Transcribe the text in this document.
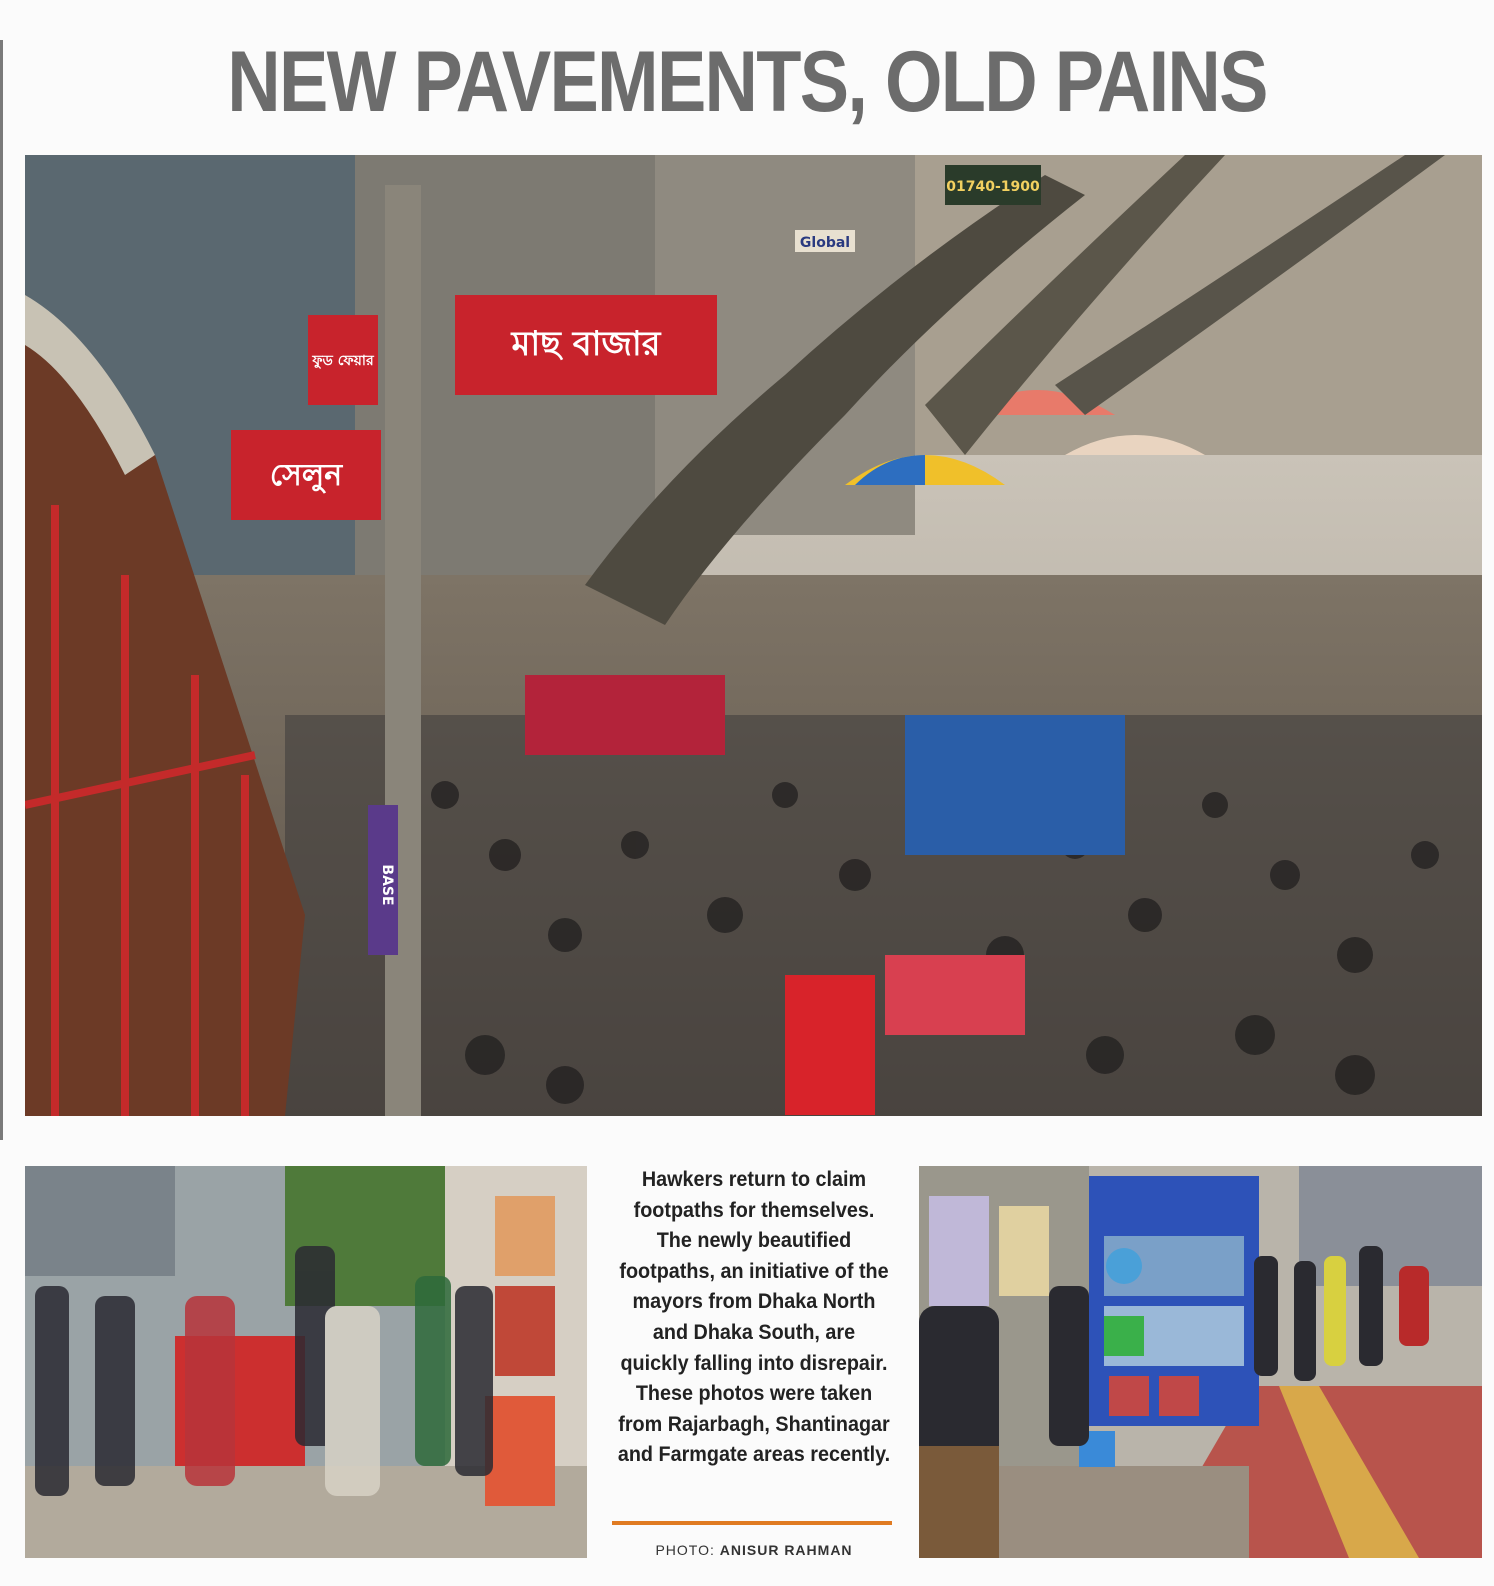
NEW PAVEMENTS, OLD PAINS
মাছ বাজার
ফুড ফেয়ার
সেলুন
01740-1900
Global
BASE
Hawkers return to claim footpaths for themselves. The newly beautified footpaths, an initiative of the mayors from Dhaka North and Dhaka South, are quickly falling into disrepair. These photos were taken from Rajarbagh, Shantinagar and Farmgate areas recently.
PHOTO: ANISUR RAHMAN
